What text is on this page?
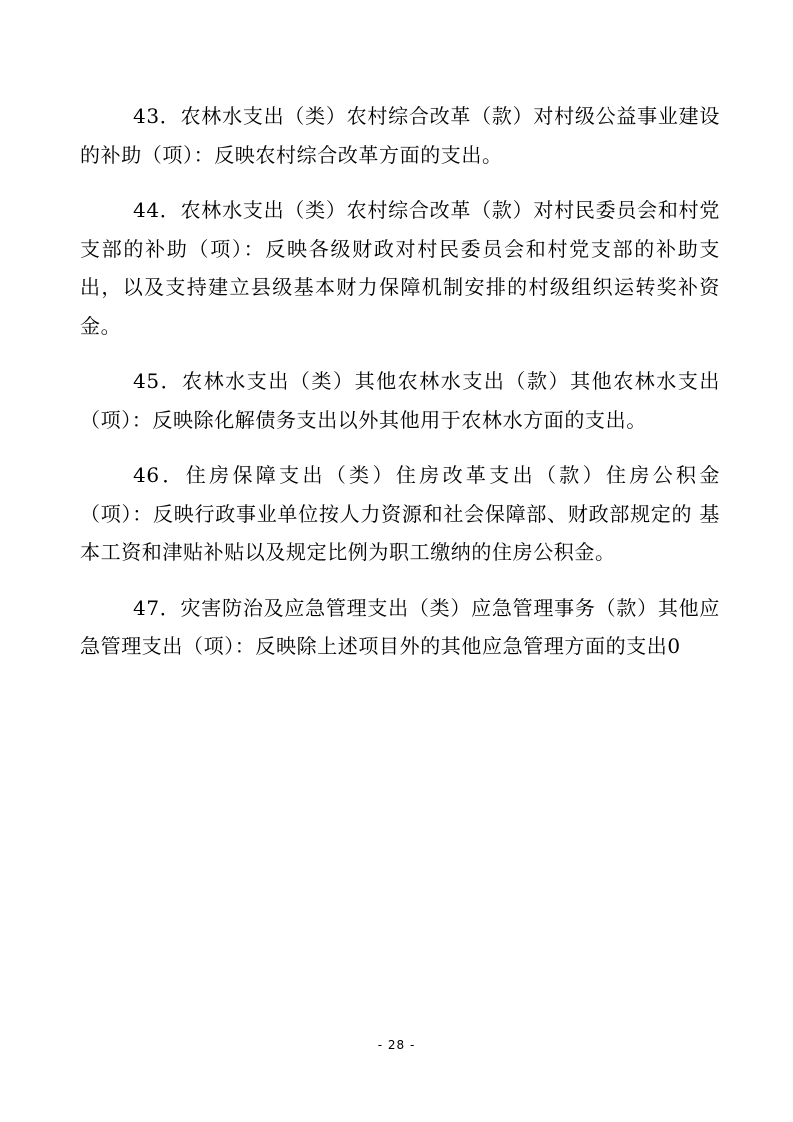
43．农林水支出（类）农村综合改革（款）对村级公益事业建设的补助（项）：反映农村综合改革方面的支出。

44．农林水支出（类）农村综合改革（款）对村民委员会和村党支部的补助（项）：反映各级财政对村民委员会和村党支部的补助支出，以及支持建立县级基本财力保障机制安排的村级组织运转奖补资金。

45．农林水支出（类）其他农林水支出（款）其他农林水支出（项）：反映除化解债务支出以外其他用于农林水方面的支出。

46．住房保障支出（类）住房改革支出（款）住房公积金（项）：反映行政事业单位按人力资源和社会保障部、财政部规定的 基本工资和津贴补贴以及规定比例为职工缴纳的住房公积金。

47．灾害防治及应急管理支出（类）应急管理事务（款）其他应急管理支出（项）：反映除上述项目外的其他应急管理方面的支出0

- 28 -
